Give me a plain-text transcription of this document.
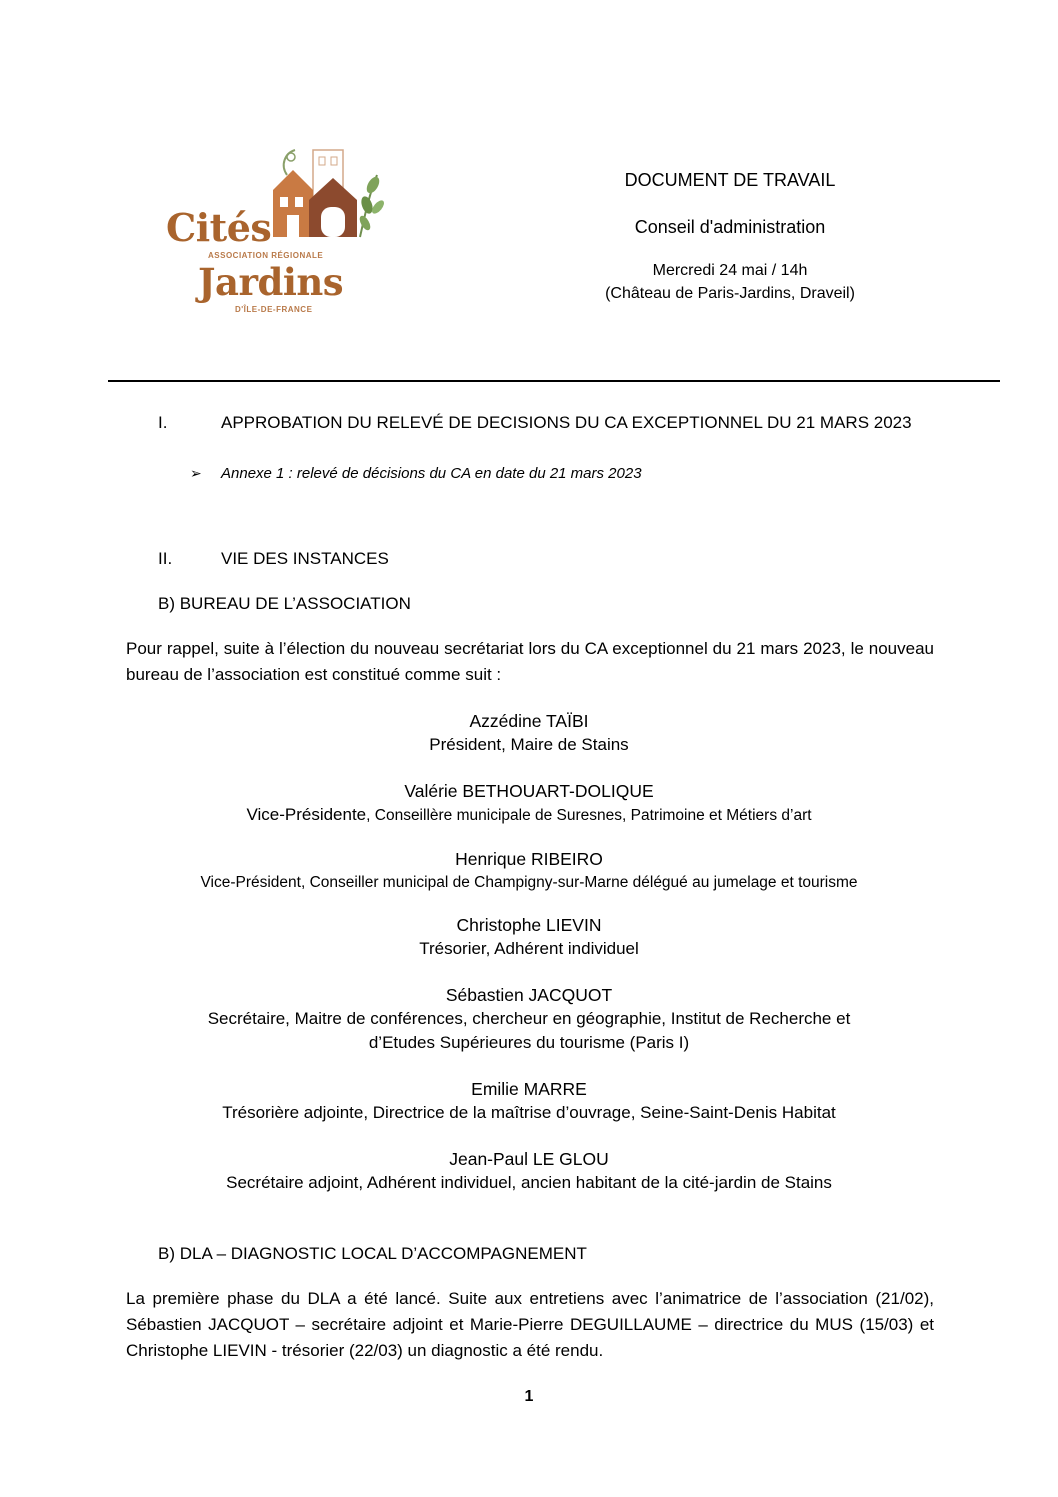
Cités
ASSOCIATION RÉGIONALE
Jardins
D'ÎLE-DE-FRANCE
DOCUMENT DE TRAVAIL
Conseil d'administration
Mercredi 24 mai / 14h
(Château de Paris-Jardins, Draveil)
I.	APPROBATION DU RELEVÉ DE DECISIONS DU CA EXCEPTIONNEL DU 21 MARS 2023
➢ Annexe 1 : relevé de décisions du CA en date du 21 mars 2023
II.	VIE DES INSTANCES
B) BUREAU DE L’ASSOCIATION
Pour rappel, suite à l’élection du nouveau secrétariat lors du CA exceptionnel du 21 mars 2023, le nouveau bureau de l’association est constitué comme suit :
Azzédine TAÏBI
Président, Maire de Stains
Valérie BETHOUART-DOLIQUE
Vice-Présidente, Conseillère municipale de Suresnes, Patrimoine et Métiers d’art
Henrique RIBEIRO
Vice-Président, Conseiller municipal de Champigny-sur-Marne délégué au jumelage et tourisme
Christophe LIEVIN
Trésorier, Adhérent individuel
Sébastien JACQUOT
Secrétaire, Maitre de conférences, chercheur en géographie, Institut de Recherche et
d’Etudes Supérieures du tourisme (Paris I)
Emilie MARRE
Trésorière adjointe, Directrice de la maîtrise d’ouvrage, Seine-Saint-Denis Habitat
Jean-Paul LE GLOU
Secrétaire adjoint, Adhérent individuel, ancien habitant de la cité-jardin de Stains
B) DLA – DIAGNOSTIC LOCAL D’ACCOMPAGNEMENT
La première phase du DLA a été lancé. Suite aux entretiens avec l’animatrice de l’association (21/02), Sébastien JACQUOT – secrétaire adjoint et Marie-Pierre DEGUILLAUME – directrice du MUS (15/03) et Christophe LIEVIN - trésorier (22/03) un diagnostic a été rendu.
1
